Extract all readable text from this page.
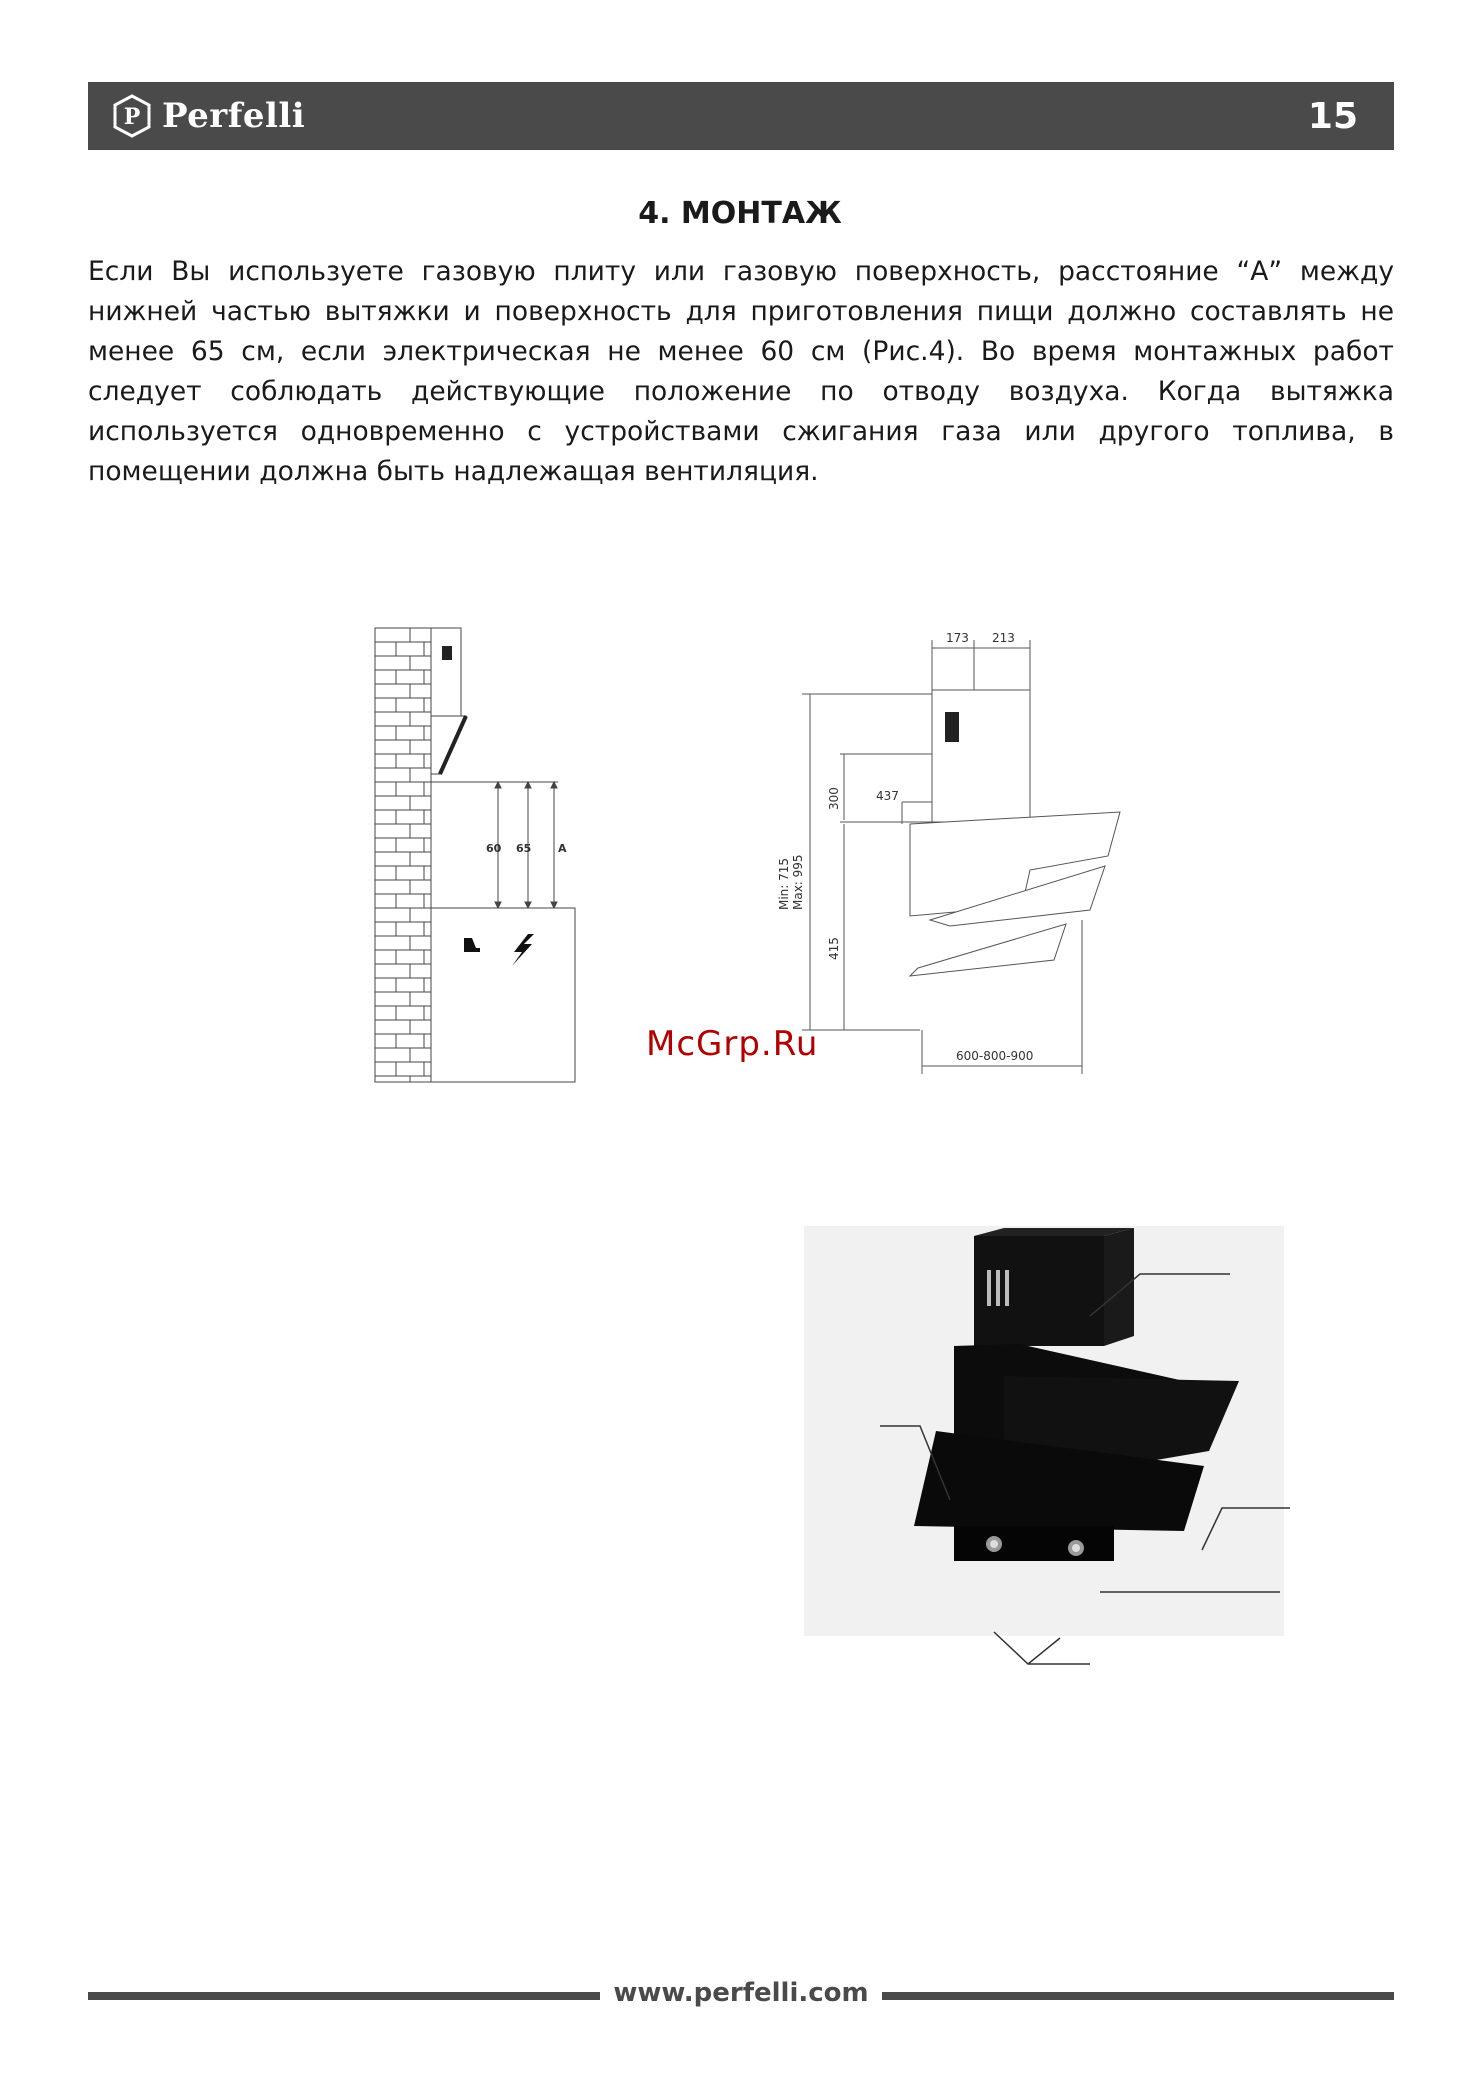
P Perfelli	15
4. МОНТАЖ

Если Вы используете газовую плиту или газовую поверхность, расстояние “А” между нижней частью вытяжки и поверхность для приготовления пищи должно составлять не менее 65 см, если электрическая не менее 60 см (Рис.4). Во время монтажных работ следует соблюдать действующие положение по отводу воздуха. Когда вытяжка используется одновременно с устройствами сжигания газа или другого топлива, в помещении должна быть надлежащая вентиляция.

60 65 A
173 213
437
300
415
Min: 715 Max: 995
600-800-900
McGrp.Ru
www.perfelli.com
